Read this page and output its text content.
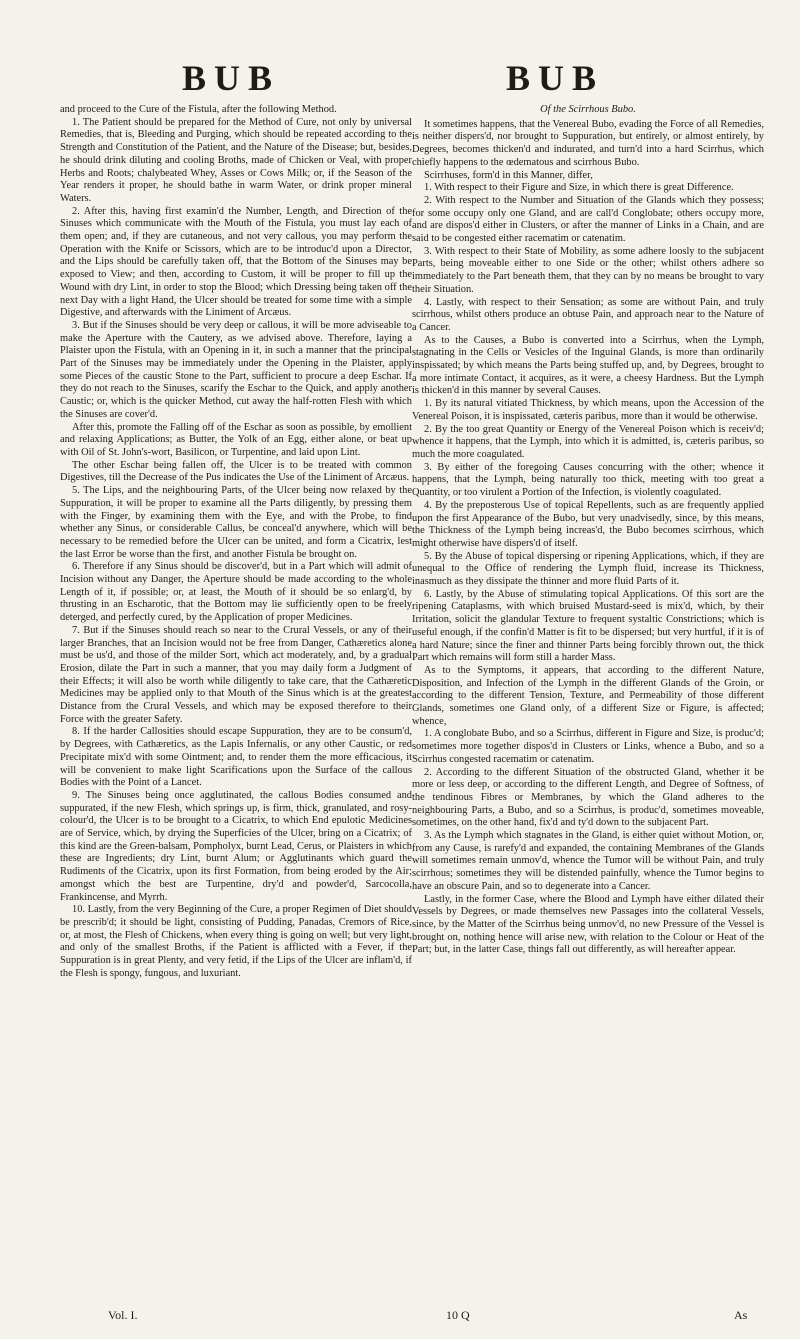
BUB	BUB

and proceed to the Cure of the Fistula, after the following Method.

1. The Patient should be prepared for the Method of Cure, not only by universal Remedies, that is, Bleeding and Purging, which should be repeated according to the Strength and Constitution of the Patient, and the Nature of the Disease; but, besides, he should drink diluting and cooling Broths, made of Chicken or Veal, with proper Herbs and Roots; chalybeated Whey, Asses or Cows Milk; or, if the Season of the Year renders it proper, he should bathe in warm Water, or drink proper mineral Waters.

2. After this, having first examin'd the Number, Length, and Direction of the Sinuses which communicate with the Mouth of the Fistula, you must lay each of them open; and, if they are cutaneous, and not very callous, you may perform the Operation with the Knife or Scissors, which are to be introduc'd upon a Director, and the Lips should be carefully taken off, that the Bottom of the Sinuses may be exposed to View; and then, according to Custom, it will be proper to fill up the Wound with dry Lint, in order to stop the Blood; which Dressing being taken off the next Day with a light Hand, the Ulcer should be treated for some time with a simple Digestive, and afterwards with the Liniment of Arcæus.

3. But if the Sinuses should be very deep or callous, it will be more adviseable to make the Aperture with the Cautery, as we advised above. Therefore, laying a Plaister upon the Fistula, with an Opening in it, in such a manner that the principal Part of the Sinuses may be immediately under the Opening in the Plaister, apply some Pieces of the caustic Stone to the Part, sufficient to procure a deep Eschar. If they do not reach to the Sinuses, scarify the Eschar to the Quick, and apply another Caustic; or, which is the quicker Method, cut away the half-rotten Flesh with which the Sinuses are cover'd.

After this, promote the Falling off of the Eschar as soon as possible, by emollient and relaxing Applications; as Butter, the Yolk of an Egg, either alone, or beat up with Oil of St. John's-wort, Basilicon, or Turpentine, and laid upon Lint.

The other Eschar being fallen off, the Ulcer is to be treated with common Digestives, till the Decrease of the Pus indicates the Use of the Liniment of Arcæus.

5. The Lips, and the neighbouring Parts, of the Ulcer being now relaxed by the Suppuration, it will be proper to examine all the Parts diligently, by pressing them with the Finger, by examining them with the Eye, and with the Probe, to find whether any Sinus, or considerable Callus, be conceal'd anywhere, which will be necessary to be remedied before the Ulcer can be united, and form a Cicatrix, lest the last Error be worse than the first, and another Fistula be brought on.

6. Therefore if any Sinus should be discover'd, but in a Part which will admit of Incision without any Danger, the Aperture should be made according to the whole Length of it, if possible; or, at least, the Mouth of it should be so enlarg'd, by thrusting in an Escharotic, that the Bottom may lie sufficiently open to be freely deterged, and perfectly cured, by the Application of proper Medicines.

7. But if the Sinuses should reach so near to the Crural Vessels, or any of their larger Branches, that an Incision would not be free from Danger, Cathæretics alone must be us'd, and those of the milder Sort, which act moderately, and, by a gradual Erosion, dilate the Part in such a manner, that you may daily form a Judgment of their Effects; it will also be worth while diligently to take care, that the Cathæretic Medicines may be applied only to that Mouth of the Sinus which is at the greatest Distance from the Crural Vessels, and which may be exposed therefore to their Force with the greater Safety.

8. If the harder Callosities should escape Suppuration, they are to be consum'd, by Degrees, with Cathæretics, as the Lapis Infernalis, or any other Caustic, or red Precipitate mix'd with some Ointment; and, to render them the more efficacious, it will be convenient to make light Scarifications upon the Surface of the callous Bodies with the Point of a Lancet.

9. The Sinuses being once agglutinated, the callous Bodies consumed and suppurated, if the new Flesh, which springs up, is firm, thick, granulated, and rosy-colour'd, the Ulcer is to be brought to a Cicatrix, to which End epulotic Medicines are of Service, which, by drying the Superficies of the Ulcer, bring on a Cicatrix; of this kind are the Green-balsam, Pompholyx, burnt Lead, Cerus, or Plaisters in which these are Ingredients; dry Lint, burnt Alum; or Agglutinants which guard the Rudiments of the Cicatrix, upon its first Formation, from being eroded by the Air; amongst which the best are Turpentine, dry'd and powder'd, Sarcocolla, Frankincense, and Myrrh.

10. Lastly, from the very Beginning of the Cure, a proper Regimen of Diet should be prescrib'd; it should be light, consisting of Pudding, Panadas, Cremors of Rice, or, at most, the Flesh of Chickens, when every thing is going on well; but very light, and only of the smallest Broths, if the Patient is afflicted with a Fever, if the Suppuration is in great Plenty, and very fetid, if the Lips of the Ulcer are inflam'd, if the Flesh is spongy, fungous, and luxuriant.

Of the Scirrhous Bubo.

It sometimes happens, that the Venereal Bubo, evading the Force of all Remedies, is neither dispers'd, nor brought to Suppuration, but entirely, or almost entirely, by Degrees, becomes thicken'd and indurated, and turn'd into a hard Scirrhus, which chiefly happens to the œdematous and scirrhous Bubo.

Scirrhuses, form'd in this Manner, differ,

1. With respect to their Figure and Size, in which there is great Difference.

2. With respect to the Number and Situation of the Glands which they possess; for some occupy only one Gland, and are call'd Conglobate; others occupy more, and are dispos'd either in Clusters, or after the manner of Links in a Chain, and are said to be congested either racematim or catenatim.

3. With respect to their State of Mobility, as some adhere loosly to the subjacent Parts, being moveable either to one Side or the other; whilst others adhere so immediately to the Part beneath them, that they can by no means be brought to vary their Situation.

4. Lastly, with respect to their Sensation; as some are without Pain, and truly scirrhous, whilst others produce an obtuse Pain, and approach near to the Nature of a Cancer.

As to the Causes, a Bubo is converted into a Scirrhus, when the Lymph, stagnating in the Cells or Vesicles of the Inguinal Glands, is more than ordinarily inspissated; by which means the Parts being stuffed up, and, by Degrees, brought to a more intimate Contact, it acquires, as it were, a cheesy Hardness. But the Lymph is thicken'd in this manner by several Causes.

1. By its natural vitiated Thickness, by which means, upon the Accession of the Venereal Poison, it is inspissated, cæteris paribus, more than it would be otherwise.

2. By the too great Quantity or Energy of the Venereal Poison which is receiv'd; whence it happens, that the Lymph, into which it is admitted, is, cæteris paribus, so much the more coagulated.

3. By either of the foregoing Causes concurring with the other; whence it happens, that the Lymph, being naturally too thick, meeting with too great a Quantity, or too virulent a Portion of the Infection, is violently coagulated.

4. By the preposterous Use of topical Repellents, such as are frequently applied upon the first Appearance of the Bubo, but very unadvisedly, since, by this means, the Thickness of the Lymph being increas'd, the Bubo becomes scirrhous, which might otherwise have dispers'd of itself.

5. By the Abuse of topical dispersing or ripening Applications, which, if they are unequal to the Office of rendering the Lymph fluid, increase its Thickness, inasmuch as they dissipate the thinner and more fluid Parts of it.

6. Lastly, by the Abuse of stimulating topical Applications. Of this sort are the ripening Cataplasms, with which bruised Mustard-seed is mix'd, which, by their Irritation, solicit the glandular Texture to frequent systaltic Constrictions; which is useful enough, if the confin'd Matter is fit to be dispersed; but very hurtful, if it is of a hard Nature; since the finer and thinner Parts being forcibly thrown out, the thick Part which remains will form still a harder Mass.

As to the Symptoms, it appears, that according to the different Nature, Disposition, and Infection of the Lymph in the different Glands of the Groin, or according to the different Tension, Texture, and Permeability of those different Glands, sometimes one Gland only, of a different Size or Figure, is affected; whence,

1. A conglobate Bubo, and so a Scirrhus, different in Figure and Size, is produc'd; sometimes more together dispos'd in Clusters or Links, whence a Bubo, and so a Scirrhus congested racematim or catenatim.

2. According to the different Situation of the obstructed Gland, whether it be more or less deep, or according to the different Length, and Degree of Softness, of the tendinous Fibres or Membranes, by which the Gland adheres to the neighbouring Parts, a Bubo, and so a Scirrhus, is produc'd, sometimes moveable, sometimes, on the other hand, fix'd and ty'd down to the subjacent Part.

3. As the Lymph which stagnates in the Gland, is either quiet without Motion, or, from any Cause, is rarefy'd and expanded, the containing Membranes of the Glands will sometimes remain unmov'd, whence the Tumor will be without Pain, and truly scirrhous; sometimes they will be distended painfully, whence the Tumor begins to have an obscure Pain, and so to degenerate into a Cancer.

Lastly, in the former Case, where the Blood and Lymph have either dilated their Vessels by Degrees, or made themselves new Passages into the collateral Vessels, since, by the Matter of the Scirrhus being unmov'd, no new Pressure of the Vessel is brought on, nothing hence will arise new, with relation to the Colour or Heat of the Part; but, in the latter Case, things fall out differently, as will hereafter appear.

Vol. I.	10 Q	As
